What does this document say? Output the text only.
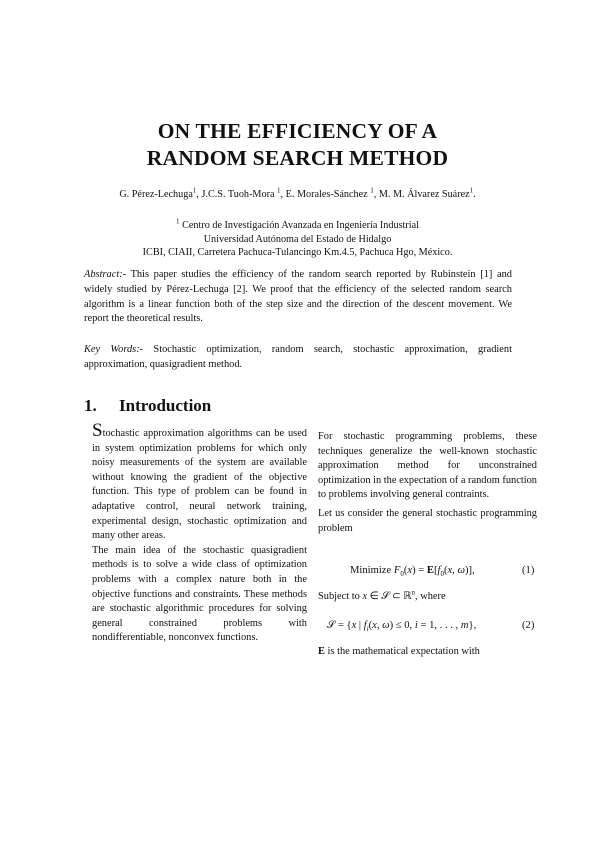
ON THE EFFICIENCY OF A
RANDOM SEARCH METHOD
G. Pérez-Lechuga$^1$, J.C.S. Tuoh-Mora $^1$, E. Morales-Sánchez $^1$, M. M. Álvarez Suárez$^1$.
$^1$ Centro de Investigación Avanzada en Ingeniería Industrial
Universidad Autónoma del Estado de Hidalgo
ICBI, CIAII, Carretera Pachuca-Tulancingo Km.4.5, Pachuca Hgo, México.
Abstract:- This paper studies the efficiency of the random search reported by Rubinstein [1] and widely studied by Pérez-Lechuga [2]. We proof that the efficiency of the selected random search algorithm is a linear function both of the step size and the direction of the descent movement. We report the theoretical results.
Key Words:- Stochastic optimization, random search, stochastic approximation, gradient approximation, quasigradient method.
1. Introduction

Stochastic approximation algorithms can be used in system optimization problems for which only noisy measurements of the system are available without knowing the gradient of the objective function. This type of problem can be found in adaptative control, neural network training, experimental design, stochastic optimization and many other areas.

The main idea of the stochastic quasigradient methods is to solve a wide class of optimization problems with a complex nature both in the objective functions and constraints. These methods are stochastic algorithmic procedures for solving general constrained problems with nondifferentiable, nonconvex functions.

For stochastic programming problems, these techniques generalize the well-known stochastic approximation method for unconstrained optimization in the expectation of a random function to problems involving general contraints.

Let us consider the general stochastic programming problem

Minimize $F_0(x) = E[f_0(x$, ω)],	(1)
Subject to x ∈ 𝒮 ⊂ ℝ$^n$, where
𝒮 = {x | $f_i(x$, ω) ≤ 0, i = 1, . . . , m},	(2)
E is the mathematical expectation with
